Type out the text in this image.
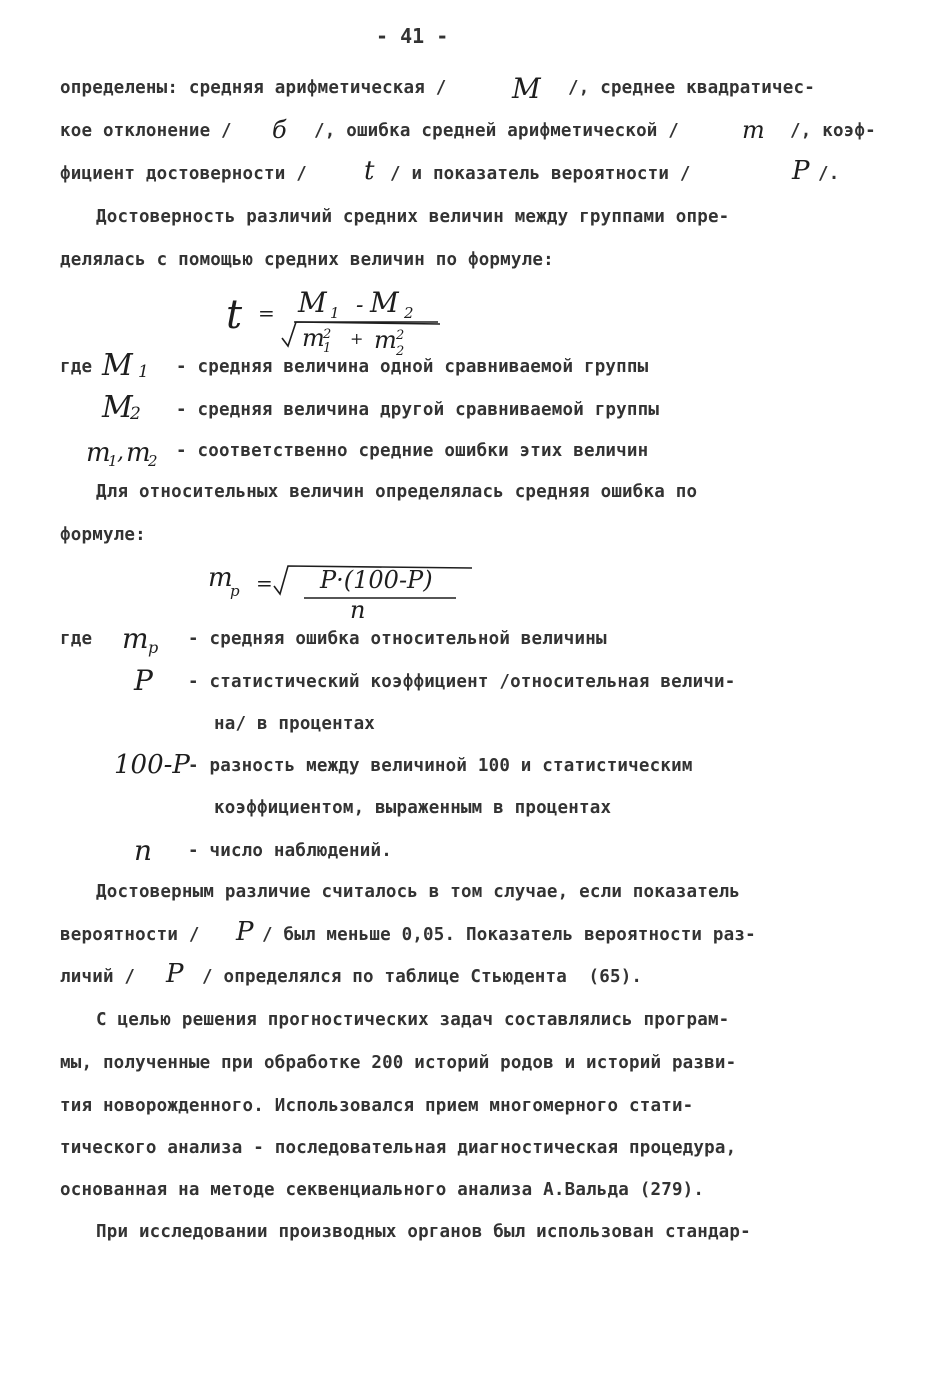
- 41 -
определены: средняя арифметическая / M /, среднее квадратичес-
кое отклонение / б /, ошибка средней арифметической /	m /, коэф-
фициент достоверности / t / и показатель вероятности /	P /.
Достоверность различий средних величин между группами опре-
делялась с помощью средних величин по формуле:
t = M 1 - M 2
m
2
1
+ m 2
2
где M 1 - средняя величина одной сравниваемой группы
M
2 - средняя величина другой сравниваемой группы
m
1 , m
2 - соответственно средние ошибки этих величин
Для относительных величин определялась средняя ошибка по
формуле:
m
p = P·(100-P)
n
где m p - средняя ошибка относительной величины
P - статистический коэффициент /относительная величи-
на/ в процентах
100-P
- разность между величиной 100 и статистическим
коэффициентом, выраженным в процентах
n - число наблюдений.
Достоверным различие считалось в том случае, если показатель
вероятности / P / был меньше 0,05. Показатель вероятности раз-
личий / P / определялся по таблице Стьюдента  (65).
С целью решения прогностических задач составлялись програм-
мы, полученные при обработке 200 историй родов и историй разви-
тия новорожденного. Использовался прием многомерного стати-
тического анализа - последовательная диагностическая процедура,
основанная на методе секвенциального анализа А.Вальда (279).
При исследовании производных органов был использован стандар-
